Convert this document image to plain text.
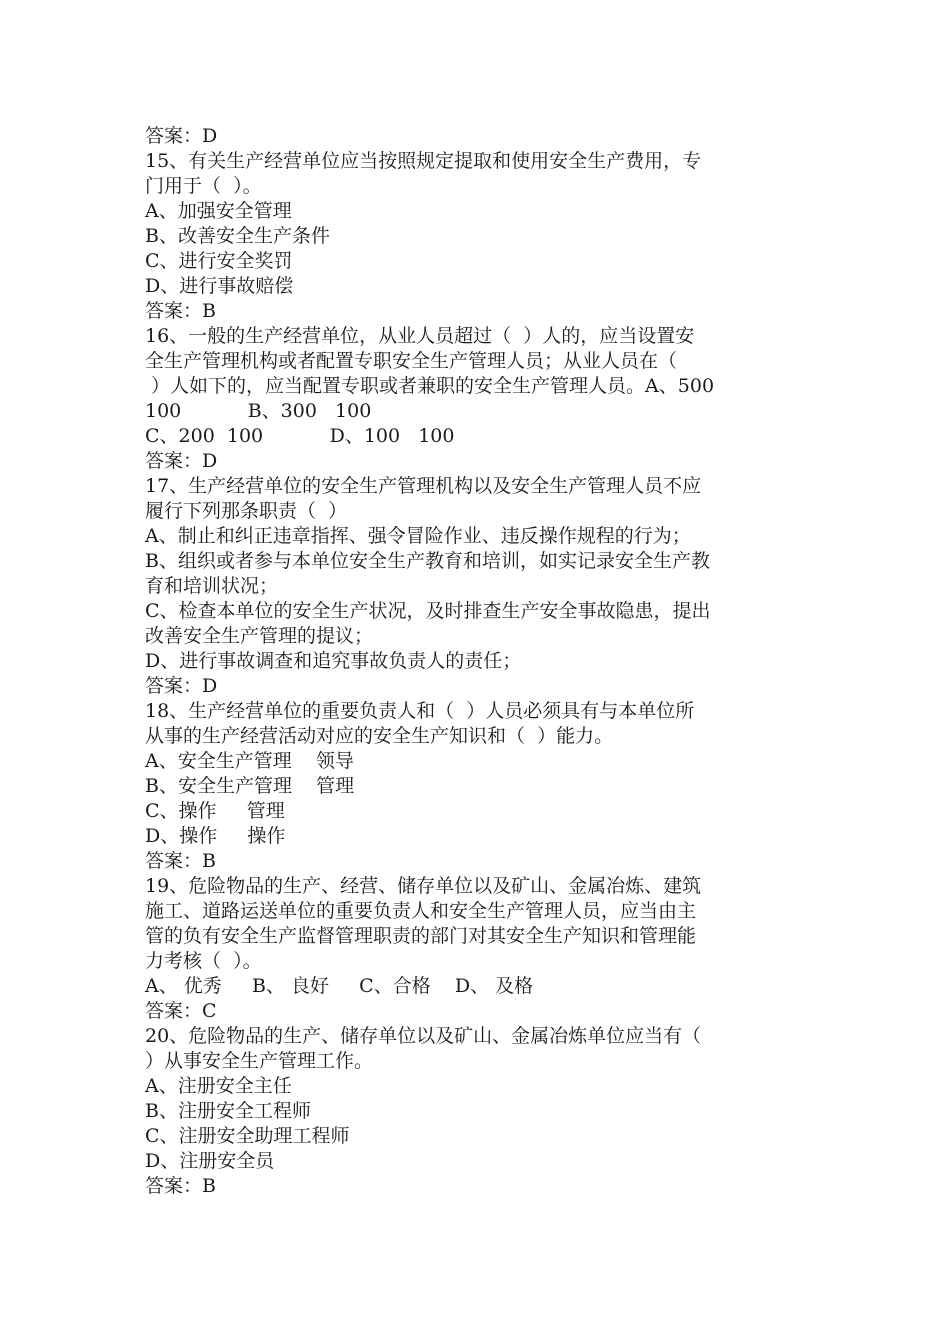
答案：D
15、有关生产经营单位应当按照规定提取和使用安全生产费用，专
门用于（  ）。
A、加强安全管理
B、改善安全生产条件
C、进行安全奖罚
D、进行事故赔偿
答案：B
16、一般的生产经营单位，从业人员超过（  ）人的，应当设置安
全生产管理机构或者配置专职安全生产管理人员；从业人员在（
）人如下的，应当配置专职或者兼职的安全生产管理人员。A、500
100           B、300   100
C、200  100           D、100   100
答案：D
17、生产经营单位的安全生产管理机构以及安全生产管理人员不应
履行下列那条职责（  ）
A、制止和纠正违章指挥、强令冒险作业、违反操作规程的行为；
B、组织或者参与本单位安全生产教育和培训，如实记录安全生产教
育和培训状况；
C、检查本单位的安全生产状况，及时排查生产安全事故隐患，提出
改善安全生产管理的提议；
D、进行事故调查和追究事故负责人的责任；
答案：D
18、生产经营单位的重要负责人和（  ）人员必须具有与本单位所
从事的生产经营活动对应的安全生产知识和（  ）能力。
A、安全生产管理    领导
B、安全生产管理    管理
C、操作     管理
D、操作     操作
答案：B
19、危险物品的生产、经营、储存单位以及矿山、金属冶炼、建筑
施工、道路运送单位的重要负责人和安全生产管理人员，应当由主
管的负有安全生产监督管理职责的部门对其安全生产知识和管理能
力考核（  ）。
A、 优秀     B、 良好     C、合格    D、 及格
答案：C
20、危险物品的生产、储存单位以及矿山、金属冶炼单位应当有（
）从事安全生产管理工作。
A、注册安全主任
B、注册安全工程师
C、注册安全助理工程师
D、注册安全员
答案：B
